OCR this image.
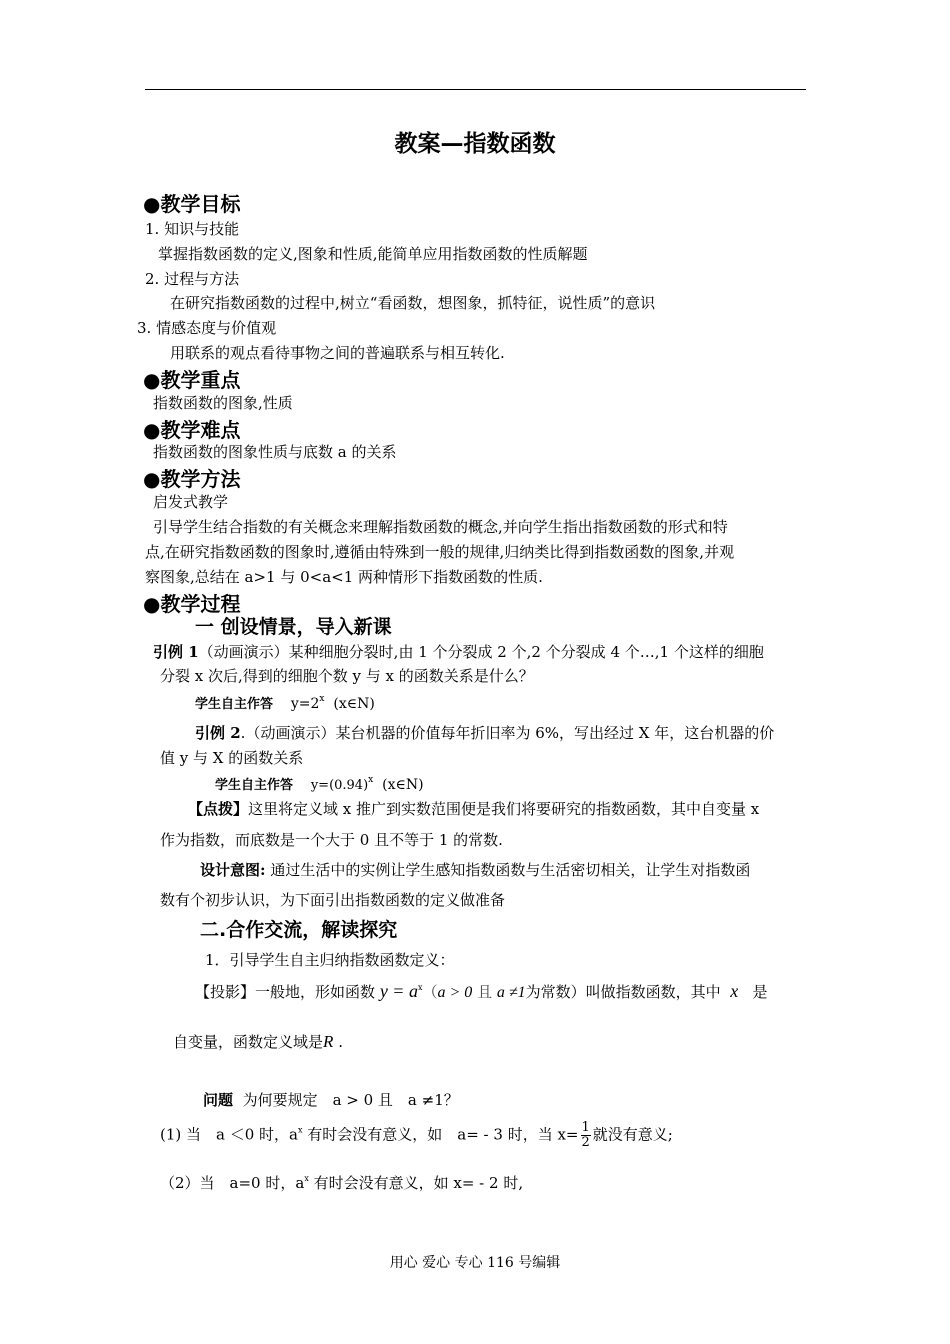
教案—指数函数
●教学目标
1. 知识与技能
掌握指数函数的定义,图象和性质,能简单应用指数函数的性质解题
2. 过程与方法
在研究指数函数的过程中,树立“看函数，想图象，抓特征，说性质”的意识
3. 情感态度与价值观
用联系的观点看待事物之间的普遍联系与相互转化.
●教学重点
指数函数的图象,性质
●教学难点
指数函数的图象性质与底数 a 的关系
●教学方法
启发式教学
引导学生结合指数的有关概念来理解指数函数的概念,并向学生指出指数函数的形式和特
点,在研究指数函数的图象时,遵循由特殊到一般的规律,归纳类比得到指数函数的图象,并观
察图象,总结在 a>1 与 0<a<1 两种情形下指数函数的性质.
●教学过程
一 创设情景，导入新课
引例 1（动画演示）某种细胞分裂时,由 1 个分裂成 2 个,2 个分裂成 4 个…,1 个这样的细胞
分裂 x 次后,得到的细胞个数 y 与 x 的函数关系是什么？
学生自主作答 $y=2^x$ (x∈N)
引例 2.（动画演示）某台机器的价值每年折旧率为 6%，写出经过 X 年，这台机器的价
值 y 与 X 的函数关系
学生自主作答 $y=(0.94)^x$ (x∈N)
【点拨】这里将定义域 x 推广到实数范围便是我们将要研究的指数函数，其中自变量 x
作为指数，而底数是一个大于 0 且不等于 1 的常数.
设计意图: 通过生活中的实例让学生感知指数函数与生活密切相关，让学生对指数函
数有个初步认识，为下面引出指数函数的定义做准备
二.合作交流，解读探究
1．引导学生自主归纳指数函数定义：
【投影】一般地，形如函数 $y = a^x(a > 0$ 且 a ≠1为常数）叫做指数函数，其中 x 是
自变量，函数定义域是R .
问题 为何要规定　a > 0 且　a ≠1？
(1) 当　a ＜0 时，$a^x$ 有时会没有意义，如　a= - 3 时，当 $x= \frac{1}{2}$ 就没有意义;
（2）当　a=0 时，$a^x$ 有时会没有意义，如 x= - 2 时,
用心 爱心 专心 116 号编辑
